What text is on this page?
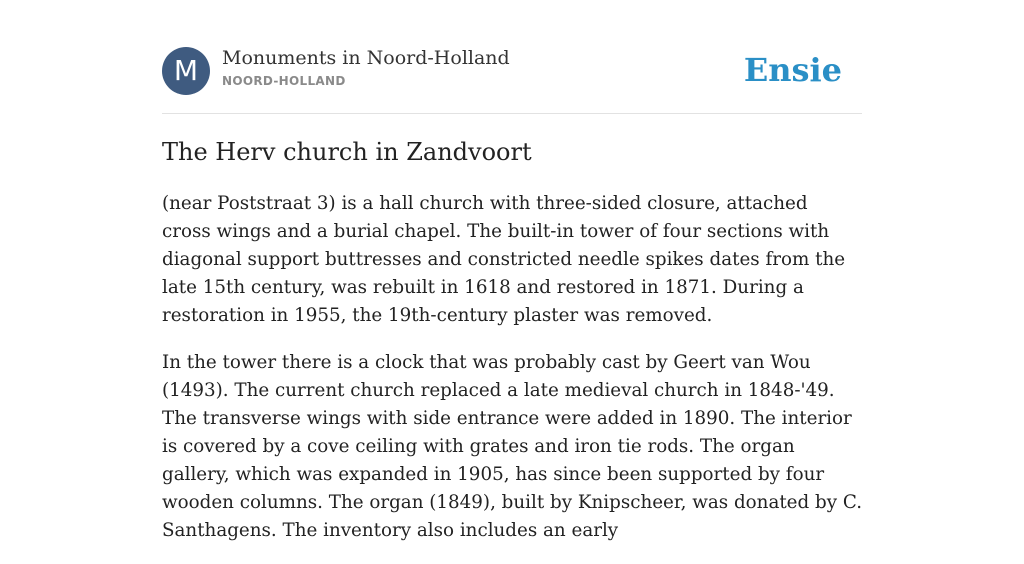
M	Monuments in Noord-Holland
NOORD-HOLLAND	Ensie
The Herv church in Zandvoort

(near Poststraat 3) is a hall church with three-sided closure, attached cross wings and a burial chapel. The built-in tower of four sections with diagonal support buttresses and constricted needle spikes dates from the late 15th century, was rebuilt in 1618 and restored in 1871. During a restoration in 1955, the 19th-century plaster was removed.

In the tower there is a clock that was probably cast by Geert van Wou (1493). The current church replaced a late medieval church in 1848-'49. The transverse wings with side entrance were added in 1890. The interior is covered by a cove ceiling with grates and iron tie rods. The organ gallery, which was expanded in 1905, has since been supported by four wooden columns. The organ (1849), built by Knipscheer, was donated by C. Santhagens. The inventory also includes an early
